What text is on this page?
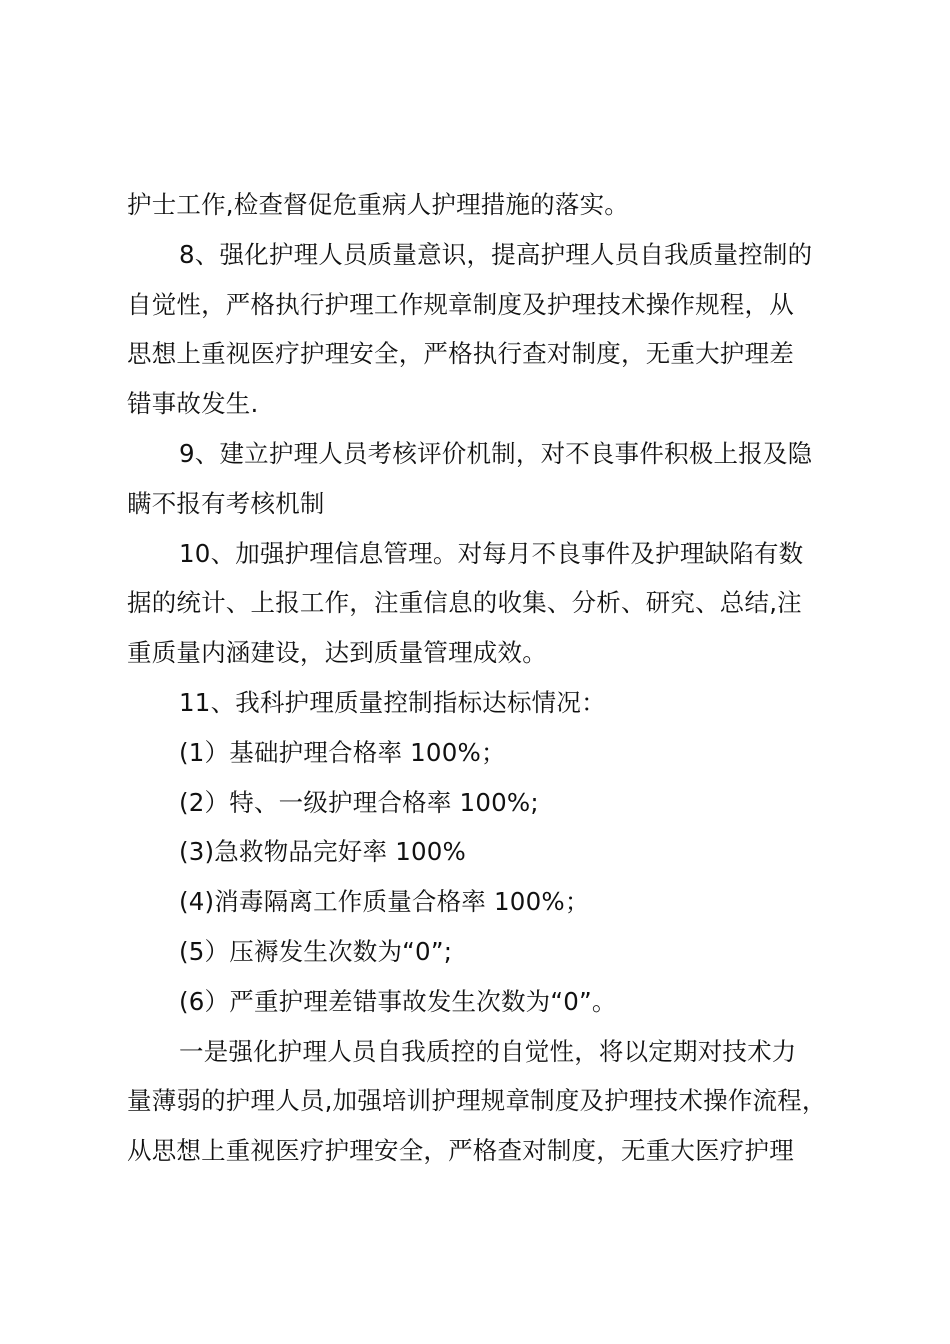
护士工作,检查督促危重病人护理措施的落实。
8、强化护理人员质量意识，提高护理人员自我质量控制的
自觉性，严格执行护理工作规章制度及护理技术操作规程，从
思想上重视医疗护理安全，严格执行查对制度，无重大护理差
错事故发生.
9、建立护理人员考核评价机制，对不良事件积极上报及隐
瞒不报有考核机制
10、加强护理信息管理。对每月不良事件及护理缺陷有数
据的统计、上报工作，注重信息的收集、分析、研究、总结,注
重质量内涵建设，达到质量管理成效。
11、我科护理质量控制指标达标情况：
(1）基础护理合格率 100%；
(2）特、一级护理合格率 100%;
(3)急救物品完好率 100%
(4)消毒隔离工作质量合格率 100%；
(5）压褥发生次数为“0”;
(6）严重护理差错事故发生次数为“0”。
一是强化护理人员自我质控的自觉性，将以定期对技术力
量薄弱的护理人员,加强培训护理规章制度及护理技术操作流程，
从思想上重视医疗护理安全，严格查对制度，无重大医疗护理
